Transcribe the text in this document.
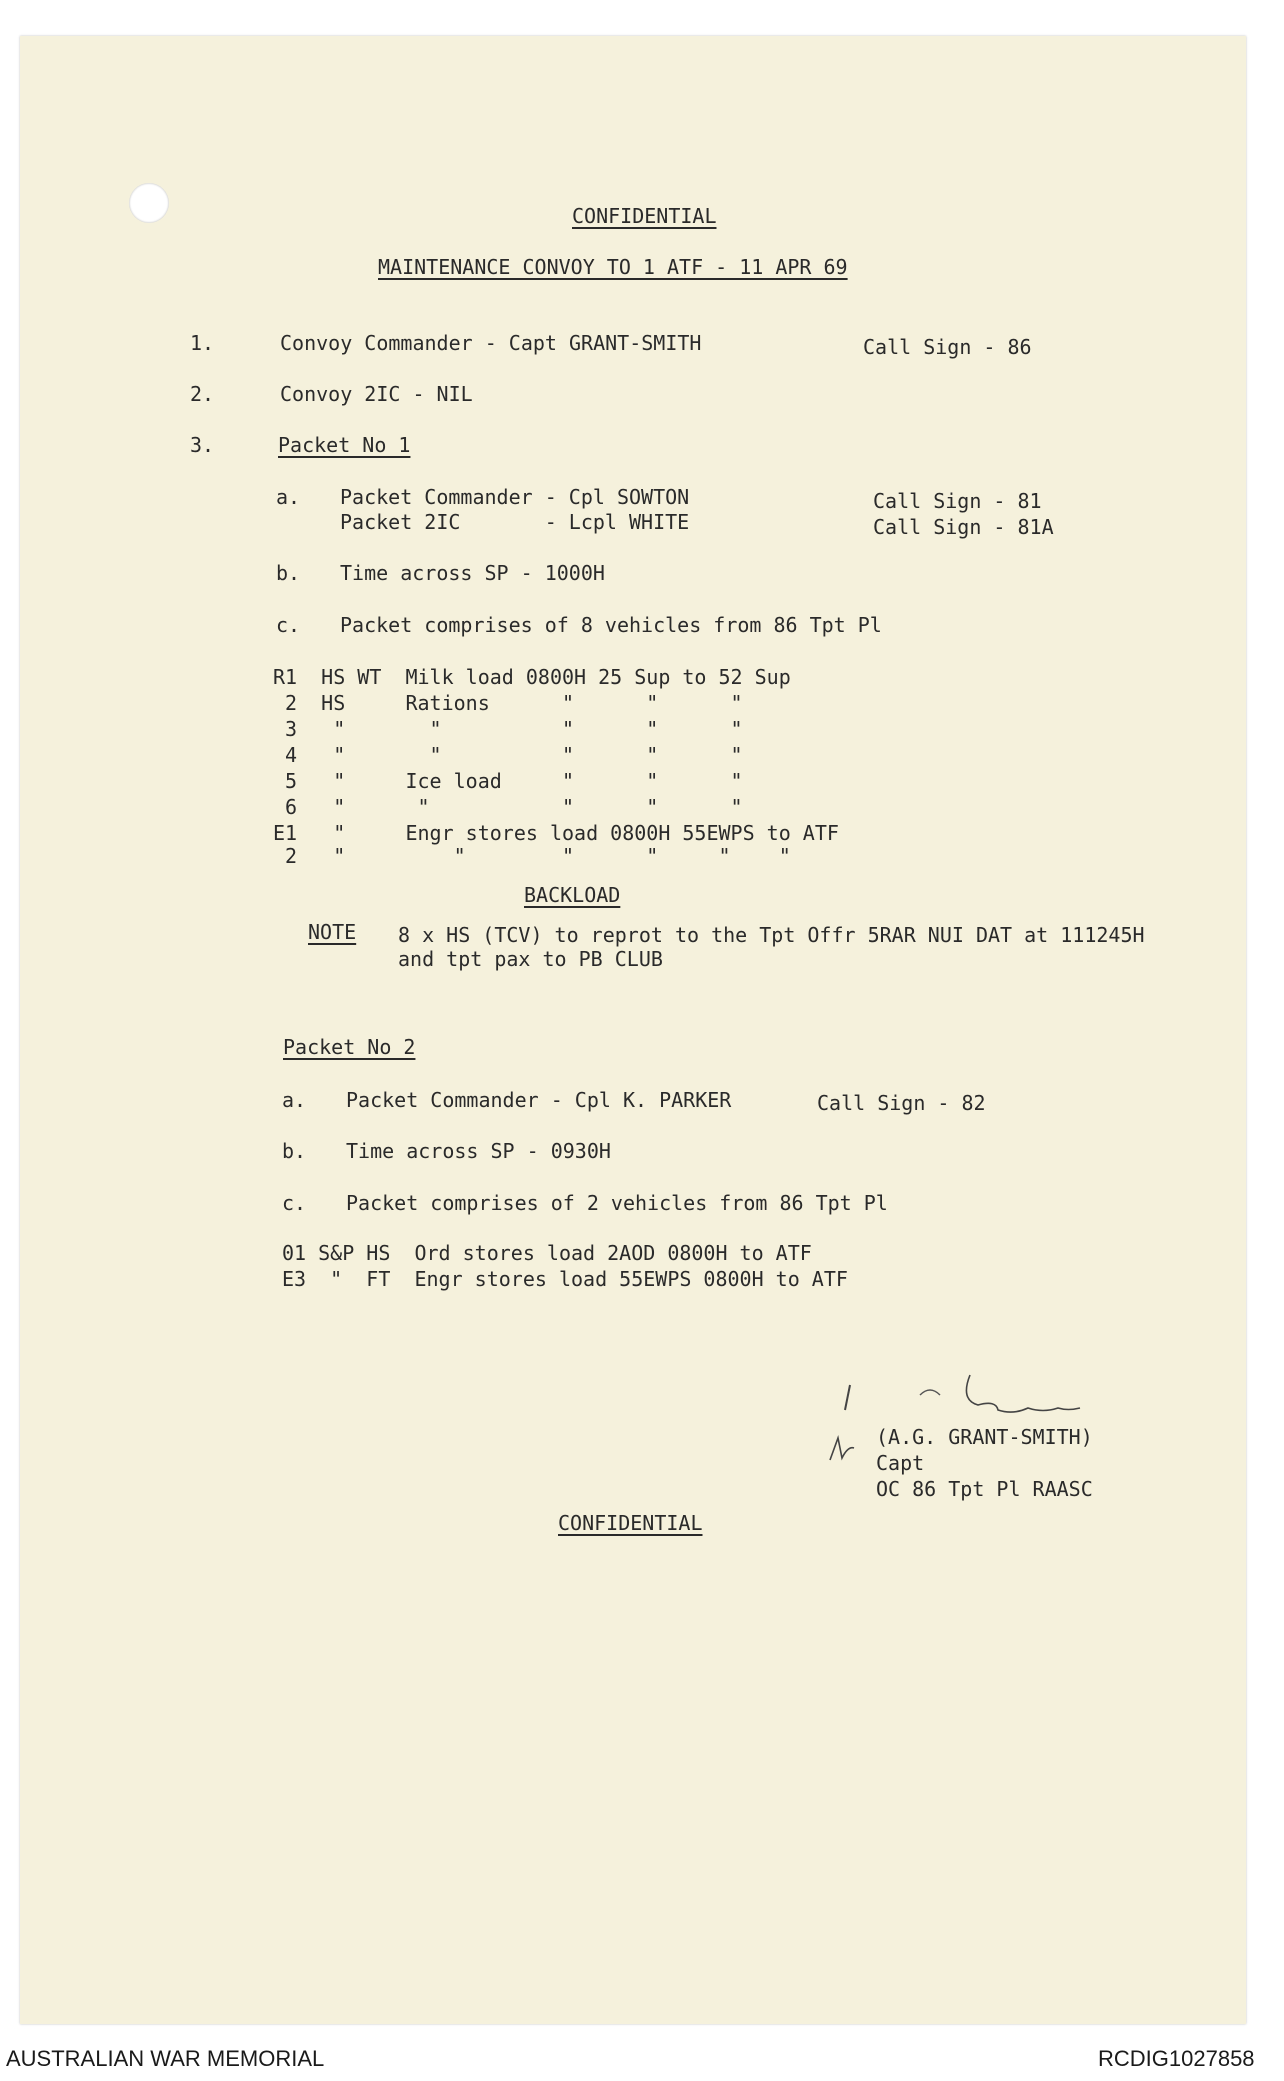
CONFIDENTIAL
MAINTENANCE CONVOY TO 1 ATF - 11 APR 69
1.	Convoy Commander - Capt GRANT-SMITH	Call Sign - 86
2.	Convoy 2IC - NIL
3.	Packet No 1
a. Packet Commander - Cpl SOWTON
Packet 2IC       - Lcpl WHITE
Call Sign - 81
Call Sign - 81A
b. Time across SP - 1000H
c. Packet comprises of 8 vehicles from 86 Tpt Pl
R1  HS WT  Milk load 0800H 25 Sup to 52 Sup
2  HS     Rations      "      "      "
3   "       "          "      "      "
4   "       "          "      "      "
5   "     Ice load     "      "      "
6   "      "           "      "      "
E1   "     Engr stores load 0800H 55EWPS to ATF
2   "         "        "      "     "    "
BACKLOAD
NOTE 8 x HS (TCV) to reprot to the Tpt Offr 5RAR NUI DAT at 111245H
and tpt pax to PB CLUB
Packet No 2
a. Packet Commander - Cpl K. PARKER	Call Sign - 82
b. Time across SP - 0930H
c. Packet comprises of 2 vehicles from 86 Tpt Pl
01 S&P HS  Ord stores load 2AOD 0800H to ATF
E3  "  FT  Engr stores load 55EWPS 0800H to ATF
(A.G. GRANT-SMITH)
Capt
OC 86 Tpt Pl RAASC
CONFIDENTIAL
AUSTRALIAN WAR MEMORIAL	RCDIG1027858
